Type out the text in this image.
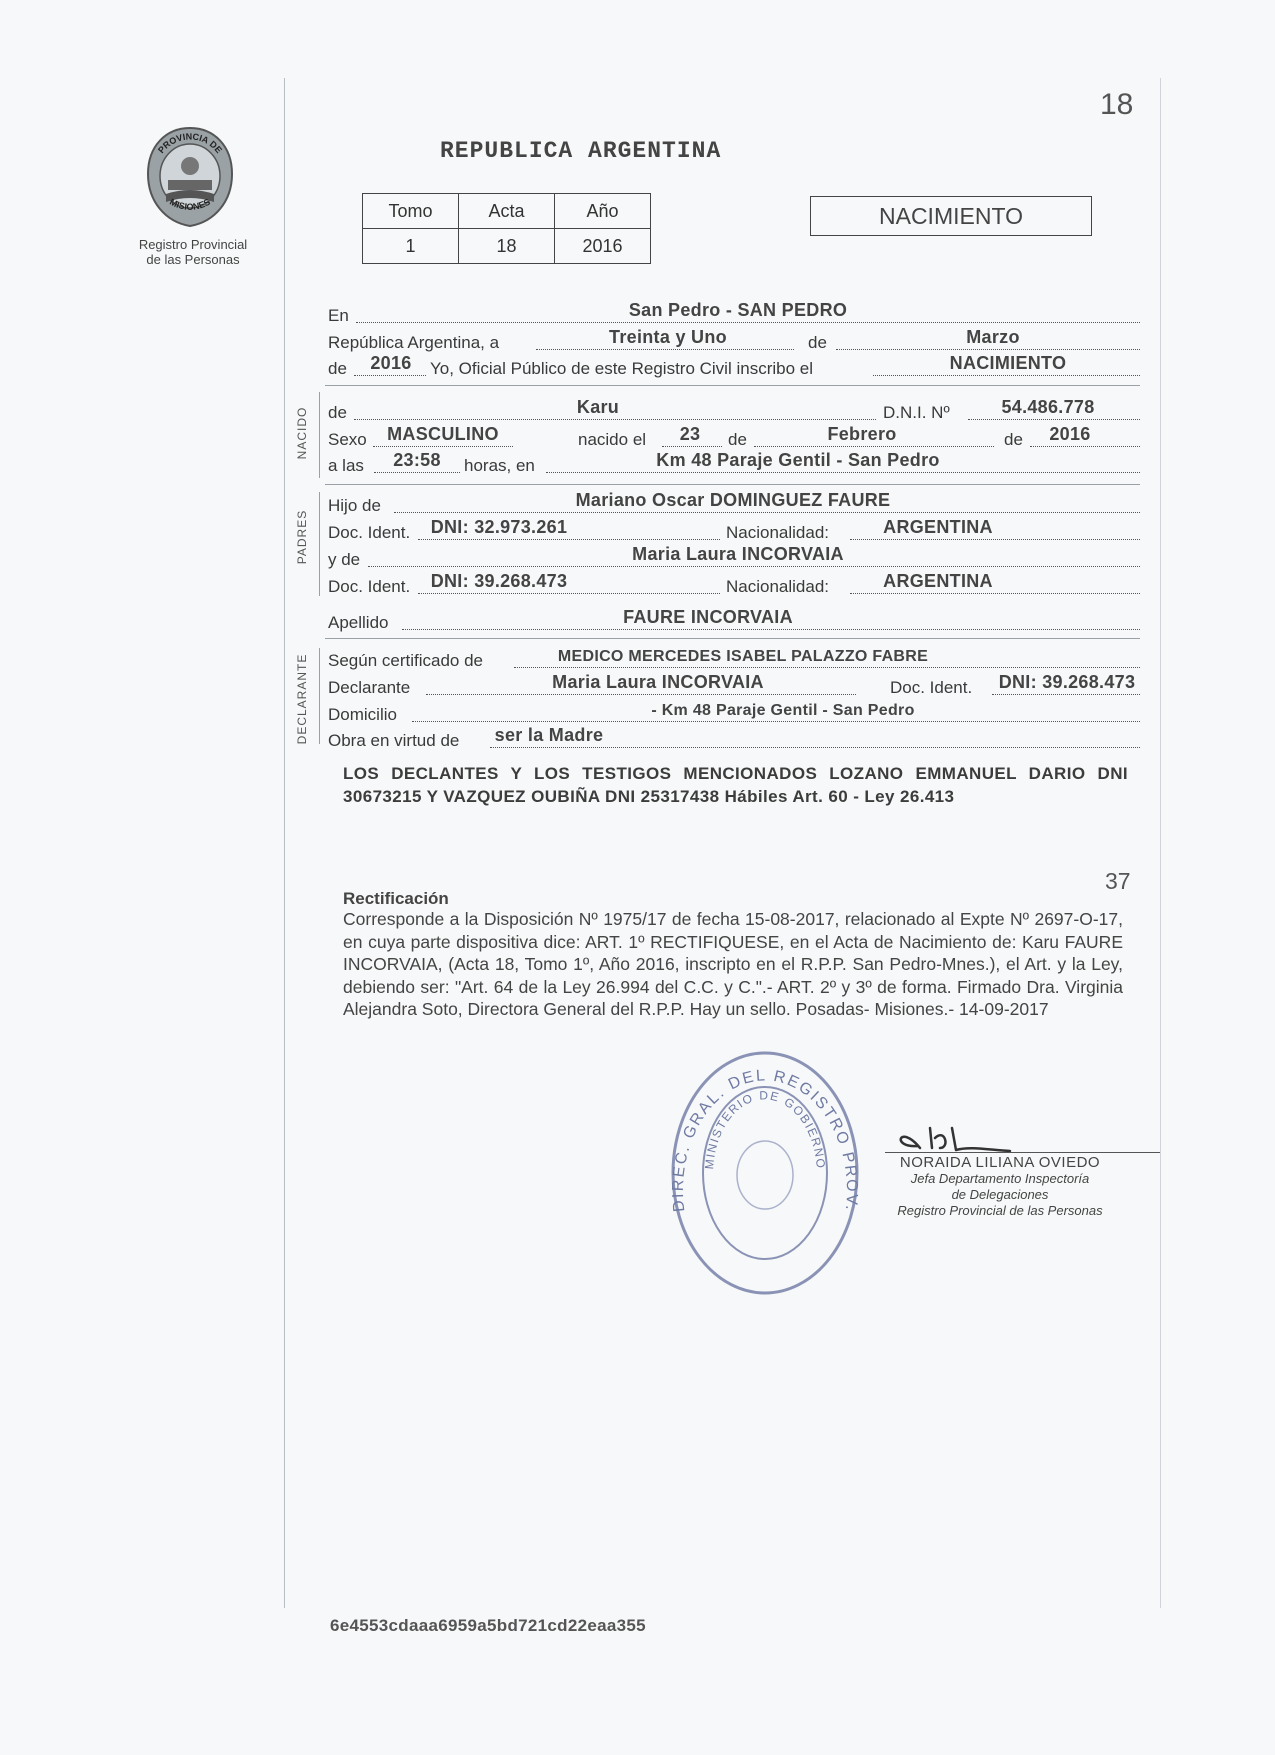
PROVINCIA DE
MISIONES
Registro Provincial
de las Personas
18
REPUBLICA ARGENTINA
Tomo	Acta	Año
1	18	2016
NACIMIENTO
NACIDO
PADRES
DECLARANTE
En	San Pedro - SAN PEDRO
República Argentina, a	Treinta y Uno	de	Marzo
de	2016	Yo, Oficial Público de este Registro Civil inscribo el	NACIMIENTO
de	Karu	D.N.I. Nº	54.486.778
Sexo	MASCULINO	nacido el	23	de	Febrero	de	2016
a las	23:58	horas, en	Km 48 Paraje Gentil - San Pedro
Hijo de	Mariano Oscar DOMINGUEZ FAURE
Doc. Ident.	DNI: 32.973.261	Nacionalidad:	ARGENTINA
y de	Maria Laura INCORVAIA
Doc. Ident.	DNI: 39.268.473	Nacionalidad:	ARGENTINA
Apellido	FAURE INCORVAIA
Según certificado de	MEDICO MERCEDES ISABEL PALAZZO FABRE
Declarante	Maria Laura INCORVAIA	Doc. Ident.	DNI: 39.268.473
Domicilio	- Km 48 Paraje Gentil - San Pedro
Obra en virtud de ser la Madre
LOS DECLANTES Y LOS TESTIGOS MENCIONADOS LOZANO EMMANUEL DARIO DNI 30673215 Y VAZQUEZ OUBIÑA DNI 25317438 Hábiles Art. 60 - Ley 26.413
37
Rectificación
Corresponde a la Disposición Nº 1975/17 de fecha 15-08-2017, relacionado al Expte Nº 2697-O-17, en cuya parte dispositiva dice: ART. 1º RECTIFIQUESE, en el Acta de Nacimiento de: Karu FAURE INCORVAIA, (Acta 18, Tomo 1º, Año 2016, inscripto en el R.P.P. San Pedro-Mnes.), el Art. y la Ley, debiendo ser: "Art. 64 de la Ley 26.994 del C.C. y C.".- ART. 2º y 3º de forma. Firmado Dra. Virginia Alejandra Soto, Directora General del R.P.P. Hay un sello. Posadas- Misiones.- 14-09-2017
DIREC. GRAL. DEL REGISTRO PROV.
MINISTERIO DE GOBIERNO	NORAIDA LILIANA OVIEDO
Jefa Departamento Inspectoría
de Delegaciones
Registro Provincial de las Personas
6e4553cdaaa6959a5bd721cd22eaa355
